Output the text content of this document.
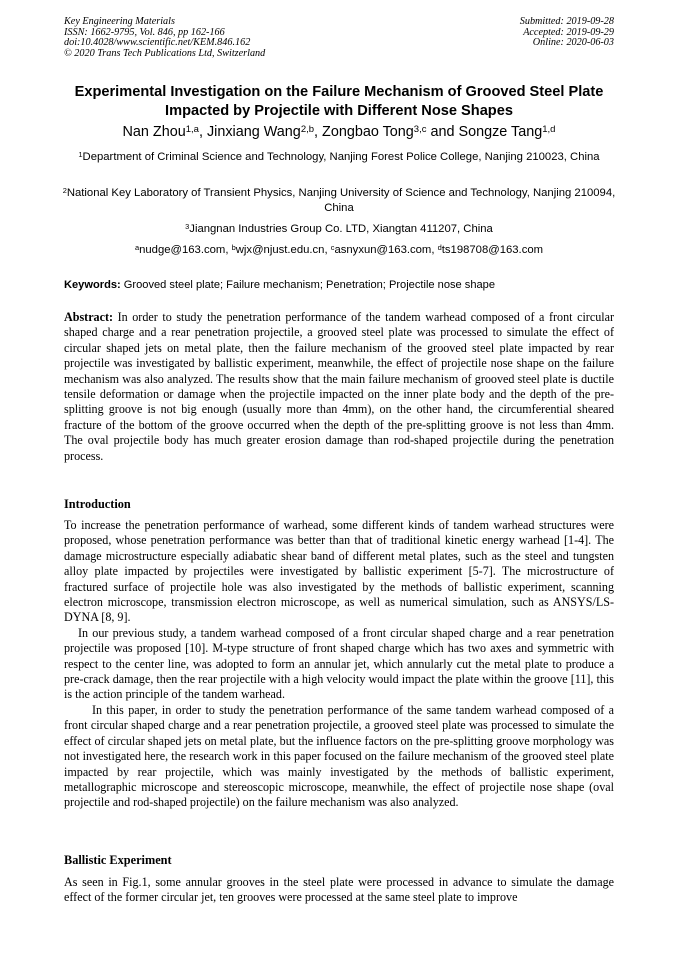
Key Engineering Materials
ISSN: 1662-9795, Vol. 846, pp 162-166
doi:10.4028/www.scientific.net/KEM.846.162
© 2020 Trans Tech Publications Ltd, Switzerland
Submitted: 2019-09-28
Accepted: 2019-09-29
Online: 2020-06-03
Experimental Investigation on the Failure Mechanism of Grooved Steel Plate Impacted by Projectile with Different Nose Shapes
Nan Zhou$^{1,a}$, Jinxiang Wang$^{2,b}$, Zongbao Tong$^{3,c}$ and Songze Tang$^{1,d}$
$^1$Department of Criminal Science and Technology, Nanjing Forest Police College, Nanjing 210023, China
$^2$National Key Laboratory of Transient Physics, Nanjing University of Science and Technology, Nanjing 210094, China
$^3$Jiangnan Industries Group Co. LTD, Xiangtan 411207, China
$^a$nudge@163.com, $^b$wjx@njust.edu.cn, $^c$asnyxun@163.com, $^d$ts198708@163.com
Keywords: Grooved steel plate; Failure mechanism; Penetration; Projectile nose shape

Abstract: In order to study the penetration performance of the tandem warhead composed of a front circular shaped charge and a rear penetration projectile, a grooved steel plate was processed to simulate the effect of circular shaped jets on metal plate, then the failure mechanism of the grooved steel plate impacted by rear projectile was investigated by ballistic experiment, meanwhile, the effect of projectile nose shape on the failure mechanism was also analyzed. The results show that the main failure mechanism of grooved steel plate is ductile tensile deformation or damage when the projectile impacted on the inner plate body and the depth of the pre-splitting groove is not big enough (usually more than 4mm), on the other hand, the circumferential sheared fracture of the bottom of the groove occurred when the depth of the pre-splitting groove is not less than 4mm. The oval projectile body has much greater erosion damage than rod-shaped projectile during the penetration process.

Introduction

To increase the penetration performance of warhead, some different kinds of tandem warhead structures were proposed, whose penetration performance was better than that of traditional kinetic energy warhead [1-4]. The damage microstructure especially adiabatic shear band of different metal plates, such as the steel and tungsten alloy plate impacted by projectiles were investigated by ballistic experiment [5-7]. The microstructure of fractured surface of projectile hole was also investigated by the methods of ballistic experiment, scanning electron microscope, transmission electron microscope, as well as numerical simulation, such as ANSYS/LS-DYNA [8, 9].

In our previous study, a tandem warhead composed of a front circular shaped charge and a rear penetration projectile was proposed [10]. M-type structure of front shaped charge which has two axes and symmetric with respect to the center line, was adopted to form an annular jet, which annularly cut the metal plate to produce a pre-crack damage, then the rear projectile with a high velocity would impact the plate within the groove [11], this is the action principle of the tandem warhead.

In this paper, in order to study the penetration performance of the same tandem warhead composed of a front circular shaped charge and a rear penetration projectile, a grooved steel plate was processed to simulate the effect of circular shaped jets on metal plate, but the influence factors on the pre-splitting groove morphology was not investigated here, the research work in this paper focused on the failure mechanism of the grooved steel plate impacted by rear projectile, which was mainly investigated by the methods of ballistic experiment, metallographic microscope and stereoscopic microscope, meanwhile, the effect of projectile nose shape (oval projectile and rod-shaped projectile) on the failure mechanism was also analyzed.

Ballistic Experiment

As seen in Fig.1, some annular grooves in the steel plate were processed in advance to simulate the damage effect of the former circular jet, ten grooves were processed at the same steel plate to improve
